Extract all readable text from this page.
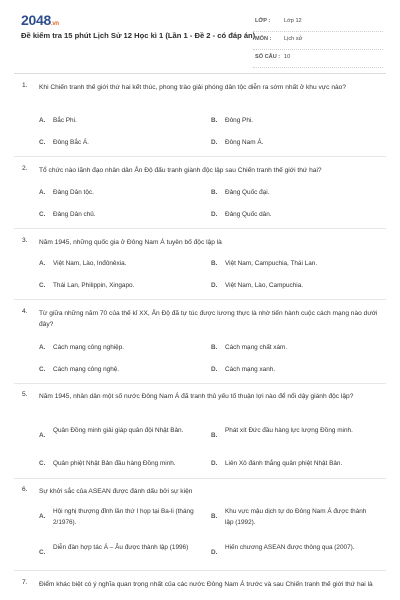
2048.vn
Đề kiểm tra 15 phút Lịch Sử 12 Học kì 1 (Lần 1 - Đề 2 - có đáp án)
LỚP : Lớp 12
MÔN : Lịch sử
SỐ CÂU : 10
1. Khi Chiến tranh thế giới thứ hai kết thúc, phong trào giải phóng dân tộc diễn ra sớm nhất ở khu vực nào?
A. Bắc Phi.	B. Đông Phi.
C. Đông Bắc Á.	D. Đông Nam Á.
2. Tổ chức nào lãnh đạo nhân dân Ấn Độ đấu tranh giành độc lập sau Chiến tranh thế giới thứ hai?
A. Đảng Dân tộc.	B. Đảng Quốc đại.
C. Đảng Dân chủ.	D. Đảng Quốc dân.
3. Năm 1945, những quốc gia ở Đông Nam Á tuyên bố độc lập là
A. Việt Nam, Lào, Inđônêxia.	B. Việt Nam, Campuchia, Thái Lan.
C. Thái Lan, Philippin, Xingapo.	D. Việt Nam, Lào, Campuchia.
4. Từ giữa những năm 70 của thế kỉ XX, Ấn Độ đã tự túc được lương thực là nhờ tiến hành cuộc cách mạng nào dưới đây?
A. Cách mạng công nghiệp.	B. Cách mạng chất xám.
C. Cách mạng công nghệ.	D. Cách mạng xanh.
5. Năm 1945, nhân dân một số nước Đông Nam Á đã tranh thủ yếu tố thuận lợi nào để nổi dậy giành độc lập?
A.
Quân Đồng minh giải giáp quân đội Nhật Bản.
B.
Phát xít Đức đầu hàng lực lượng Đồng minh.
C. Quân phiệt Nhật Bản đầu hàng Đồng minh.	D. Liên Xô đánh thắng quân phiệt Nhật Bản.
6. Sự khởi sắc của ASEAN được đánh dấu bởi sự kiện
A.
Hội nghị thượng đỉnh lần thứ I họp tại Ba-li (tháng 2/1976).
B.
Khu vực mậu dịch tự do Đông Nam Á được thành lập (1992).
C.
Diễn đàn hợp tác Á – Âu được thành lập (1996)
D.
Hiến chương ASEAN được thông qua (2007).
7. Điểm khác biệt có ý nghĩa quan trọng nhất của các nước Đông Nam Á trước và sau Chiến tranh thế giới thứ hai là
